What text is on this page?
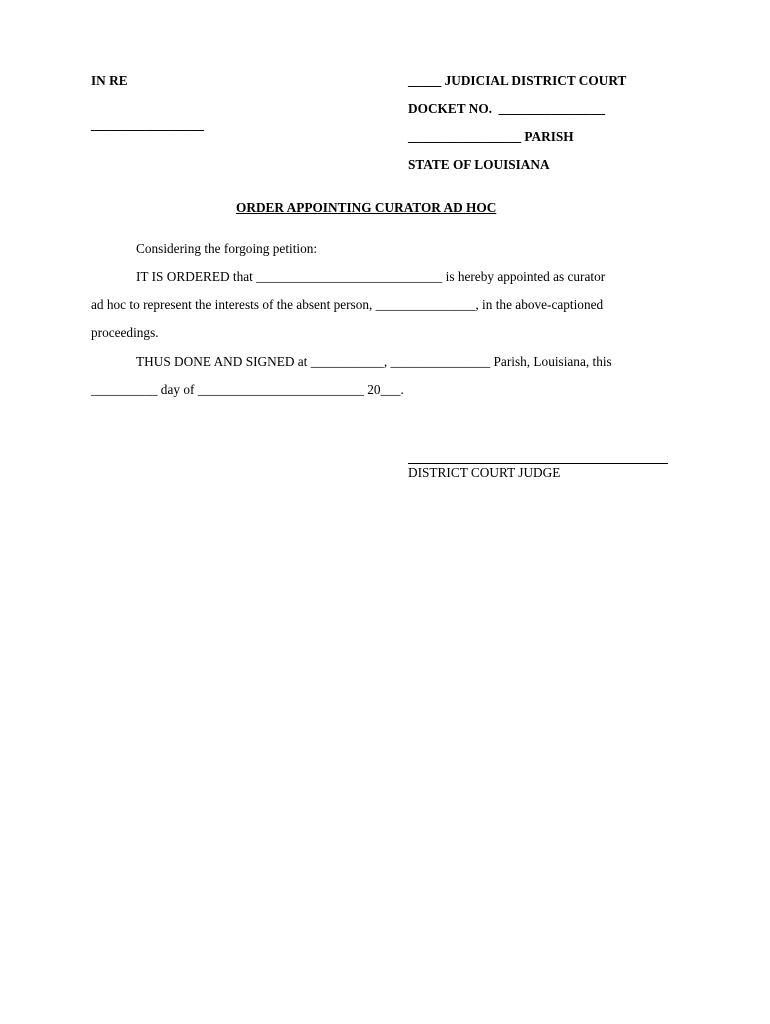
IN RE
_________________
_____ JUDICIAL DISTRICT COURT
DOCKET NO.  ________________
_________________ PARISH
STATE OF LOUISIANA
ORDER APPOINTING CURATOR AD HOC
Considering the forgoing petition:
IT IS ORDERED that ____________________________ is hereby appointed as curator
ad hoc to represent the interests of the absent person, _______________, in the above-captioned
proceedings.
THUS DONE AND SIGNED at ___________, _______________ Parish, Louisiana, this
__________ day of _________________________ 20___.
DISTRICT COURT JUDGE
